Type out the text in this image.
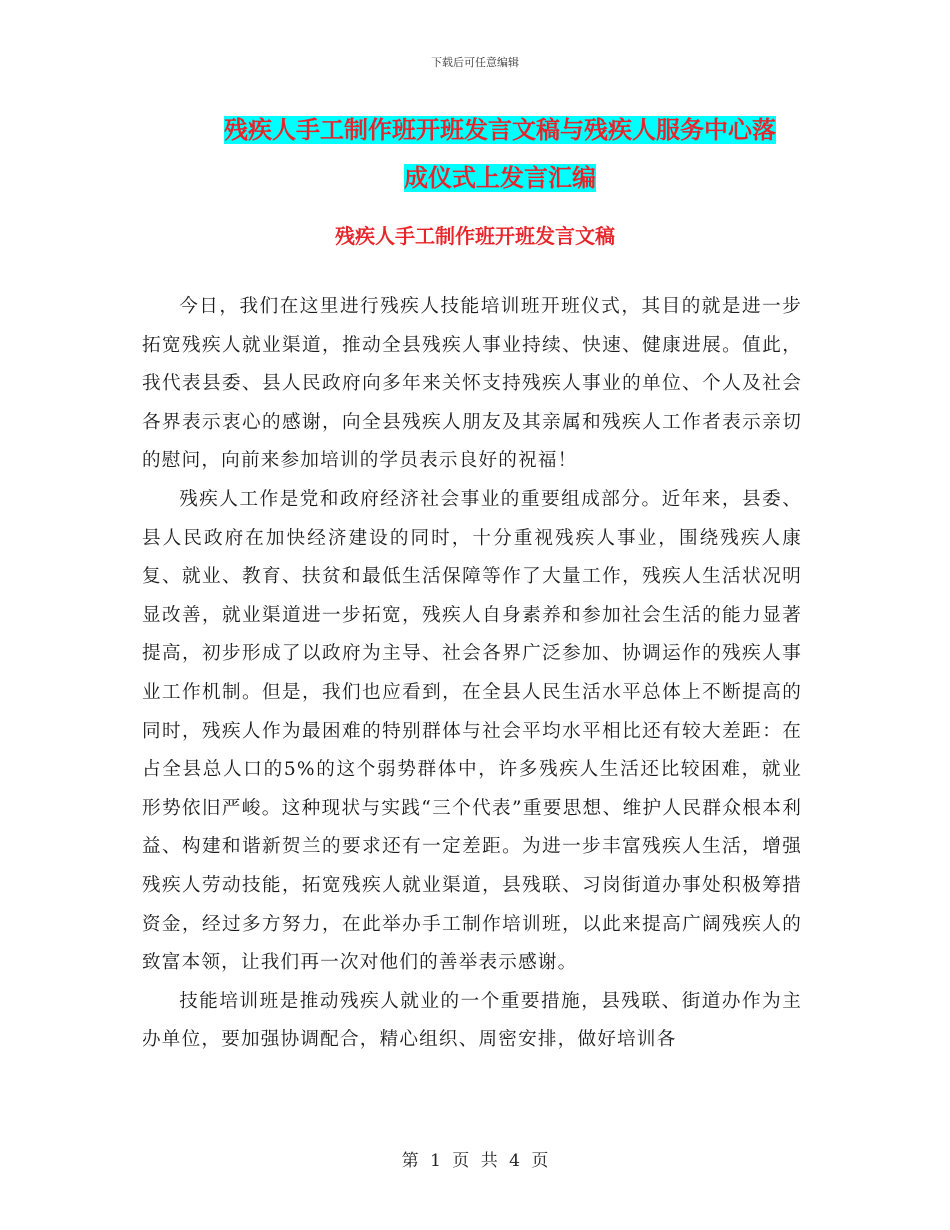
下载后可任意编辑
残疾人手工制作班开班发言文稿与残疾人服务中心落
成仪式上发言汇编
残疾人手工制作班开班发言文稿

今日，我们在这里进行残疾人技能培训班开班仪式，其目的就是进一步拓宽残疾人就业渠道，推动全县残疾人事业持续、快速、健康进展。值此，我代表县委、县人民政府向多年来关怀支持残疾人事业的单位、个人及社会各界表示衷心的感谢，向全县残疾人朋友及其亲属和残疾人工作者表示亲切的慰问，向前来参加培训的学员表示良好的祝福！

残疾人工作是党和政府经济社会事业的重要组成部分。近年来，县委、县人民政府在加快经济建设的同时，十分重视残疾人事业，围绕残疾人康复、就业、教育、扶贫和最低生活保障等作了大量工作，残疾人生活状况明显改善，就业渠道进一步拓宽，残疾人自身素养和参加社会生活的能力显著提高，初步形成了以政府为主导、社会各界广泛参加、协调运作的残疾人事业工作机制。但是，我们也应看到，在全县人民生活水平总体上不断提高的同时，残疾人作为最困难的特别群体与社会平均水平相比还有较大差距：在占全县总人口的5%的这个弱势群体中，许多残疾人生活还比较困难，就业形势依旧严峻。这种现状与实践“三个代表”重要思想、维护人民群众根本利益、构建和谐新贺兰的要求还有一定差距。为进一步丰富残疾人生活，增强残疾人劳动技能，拓宽残疾人就业渠道，县残联、习岗街道办事处积极筹措资金，经过多方努力，在此举办手工制作培训班，以此来提高广阔残疾人的致富本领，让我们再一次对他们的善举表示感谢。

技能培训班是推动残疾人就业的一个重要措施，县残联、街道办作为主办单位，要加强协调配合，精心组织、周密安排，做好培训各

第 1 页 共 4 页
